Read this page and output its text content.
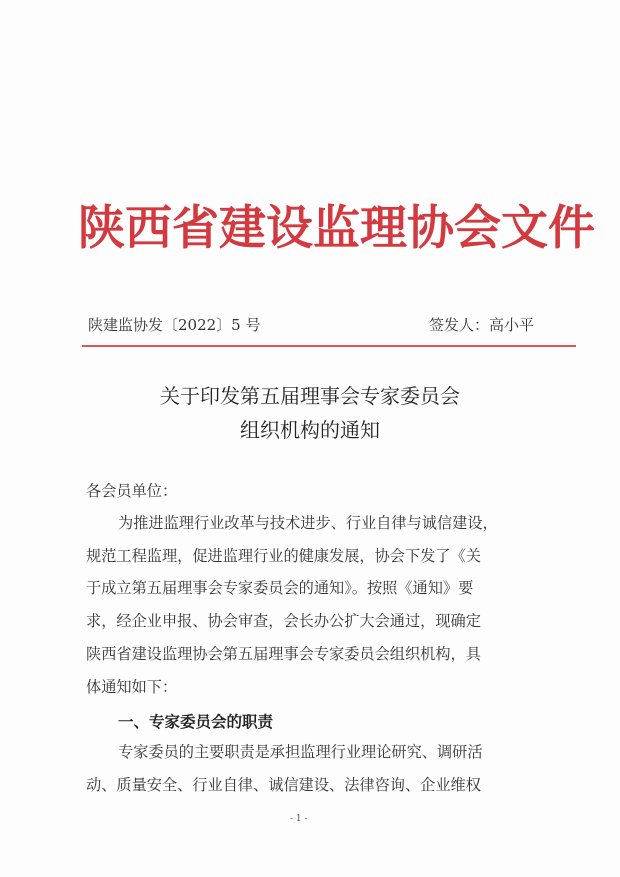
陕西省建设监理协会文件
陕建监协发〔2022〕5 号	签发人：高小平
关于印发第五届理事会专家委员会
组织机构的通知
各会员单位：
为推进监理行业改革与技术进步、行业自律与诚信建设，
规范工程监理，促进监理行业的健康发展，协会下发了《关
于成立第五届理事会专家委员会的通知》。按照《通知》要
求，经企业申报、协会审查，会长办公扩大会通过，现确定
陕西省建设监理协会第五届理事会专家委员会组织机构，具
体通知如下：
一、专家委员会的职责
专家委员的主要职责是承担监理行业理论研究、调研活
动、质量安全、行业自律、诚信建设、法律咨询、企业维权
- 1 -
